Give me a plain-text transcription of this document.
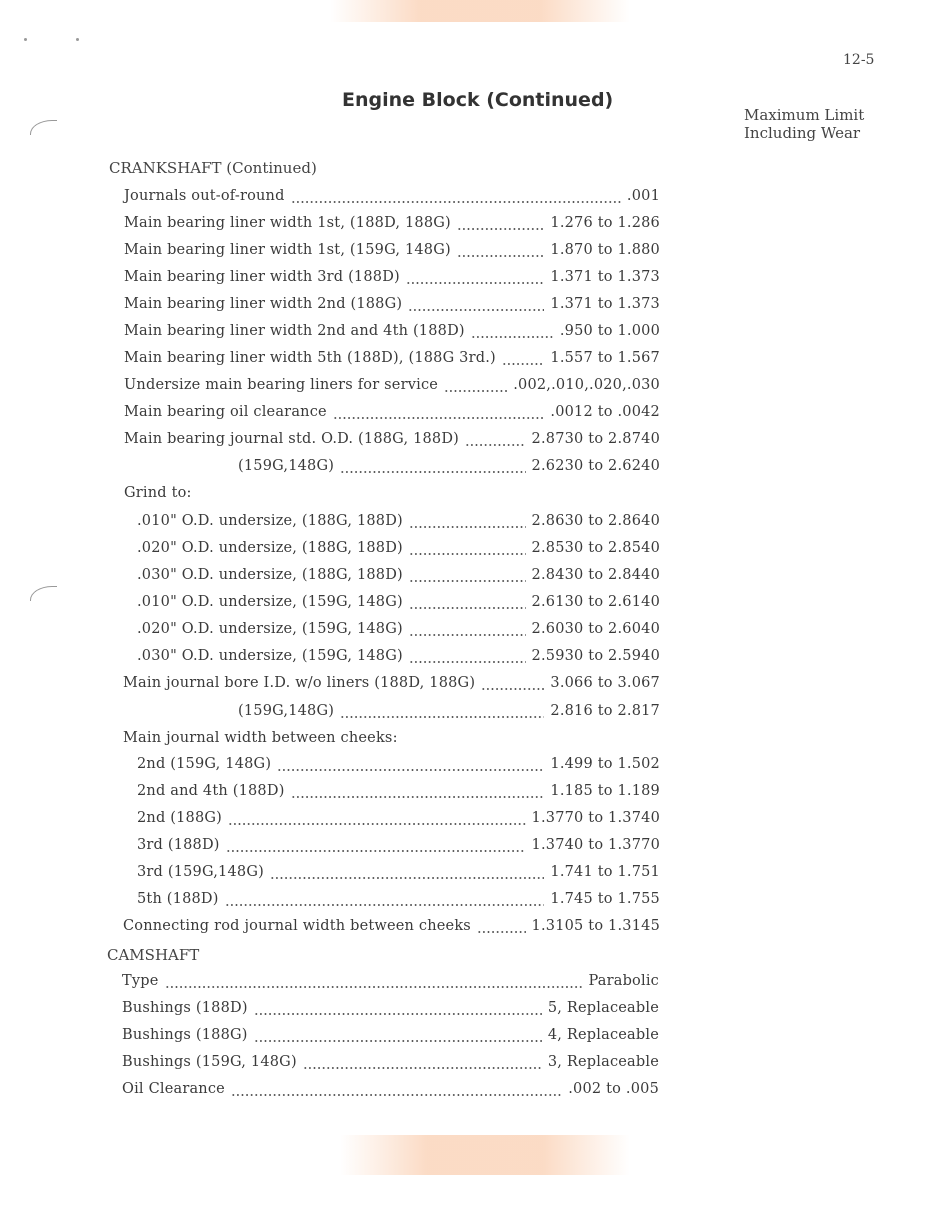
12-5
Engine Block (Continued)
Maximum Limit
Including Wear
CRANKSHAFT (Continued)
Journals out-of-round	.001
Main bearing liner width 1st, (188D, 188G)	1.276 to 1.286
Main bearing liner width 1st, (159G, 148G)	1.870 to 1.880
Main bearing liner width 3rd (188D)	1.371 to 1.373
Main bearing liner width 2nd (188G)	1.371 to 1.373
Main bearing liner width 2nd and 4th (188D)	.950 to 1.000
Main bearing liner width 5th (188D), (188G 3rd.)	1.557 to 1.567
Undersize main bearing liners for service	.002,.010,.020,.030
Main bearing oil clearance	.0012 to .0042
Main bearing journal std. O.D. (188G, 188D)	2.8730 to 2.8740
(159G,148G)	2.6230 to 2.6240
Grind to:
.010" O.D. undersize, (188G, 188D)	2.8630 to 2.8640
.020" O.D. undersize, (188G, 188D)	2.8530 to 2.8540
.030" O.D. undersize, (188G, 188D)	2.8430 to 2.8440
.010" O.D. undersize, (159G, 148G)	2.6130 to 2.6140
.020" O.D. undersize, (159G, 148G)	2.6030 to 2.6040
.030" O.D. undersize, (159G, 148G)	2.5930 to 2.5940
Main journal bore I.D. w/o liners (188D, 188G)	3.066 to 3.067
(159G,148G)	2.816 to 2.817
Main journal width between cheeks:
2nd (159G, 148G)	1.499 to 1.502
2nd and 4th (188D)	1.185 to 1.189
2nd (188G)	1.3770 to 1.3740
3rd (188D)	1.3740 to 1.3770
3rd (159G,148G)	1.741 to 1.751
5th (188D)	1.745 to 1.755
Connecting rod journal width between cheeks	1.3105 to 1.3145
CAMSHAFT
Type	Parabolic
Bushings (188D)	5, Replaceable
Bushings (188G)	4, Replaceable
Bushings (159G, 148G)	3, Replaceable
Oil Clearance	.002 to .005
